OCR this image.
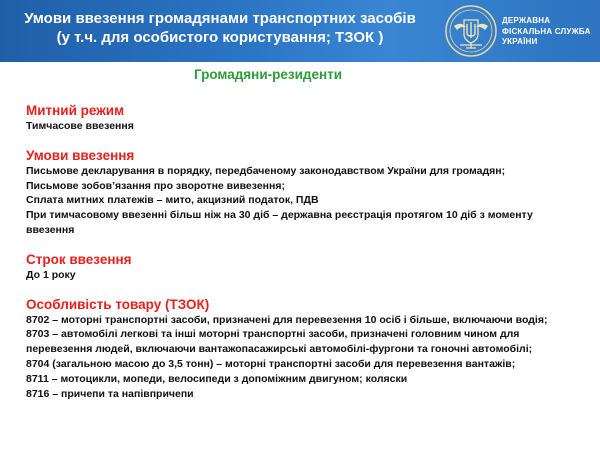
Умови ввезення громадянами транспортних засобів
(у т.ч. для особистого користування; ТЗОК )
ДЕРЖАВНА
ФІСКАЛЬНА СЛУЖБА
УКРАЇНИ
Громадяни-резиденти
Митний режим
Тимчасове ввезення
Умови ввезення
Письмове декларування в порядку, передбаченому законодавством України для громадян;
Письмове зобов’язання про зворотне вивезення;
Сплата митних платежів – мито, акцизний податок, ПДВ
При тимчасовому ввезенні більш ніж на 30 діб – державна реєстрація протягом 10 діб з моменту
ввезення
Строк ввезення
До 1 року
Особливість товару (ТЗОК)
8702 – моторні транспортні засоби, призначені для перевезення 10 осіб і більше, включаючи водія;
8703 – автомобілі легкові та інші моторні транспортні засоби, призначені головним чином для
перевезення людей, включаючи вантажопасажирські автомобілі-фургони та гоночні автомобілі;
8704 (загальною масою до 3,5 тонн) – моторні транспортні засоби для перевезення вантажів;
8711 – мотоцикли, мопеди, велосипеди з допоміжним двигуном; коляски
8716 – причепи та напівпричепи
